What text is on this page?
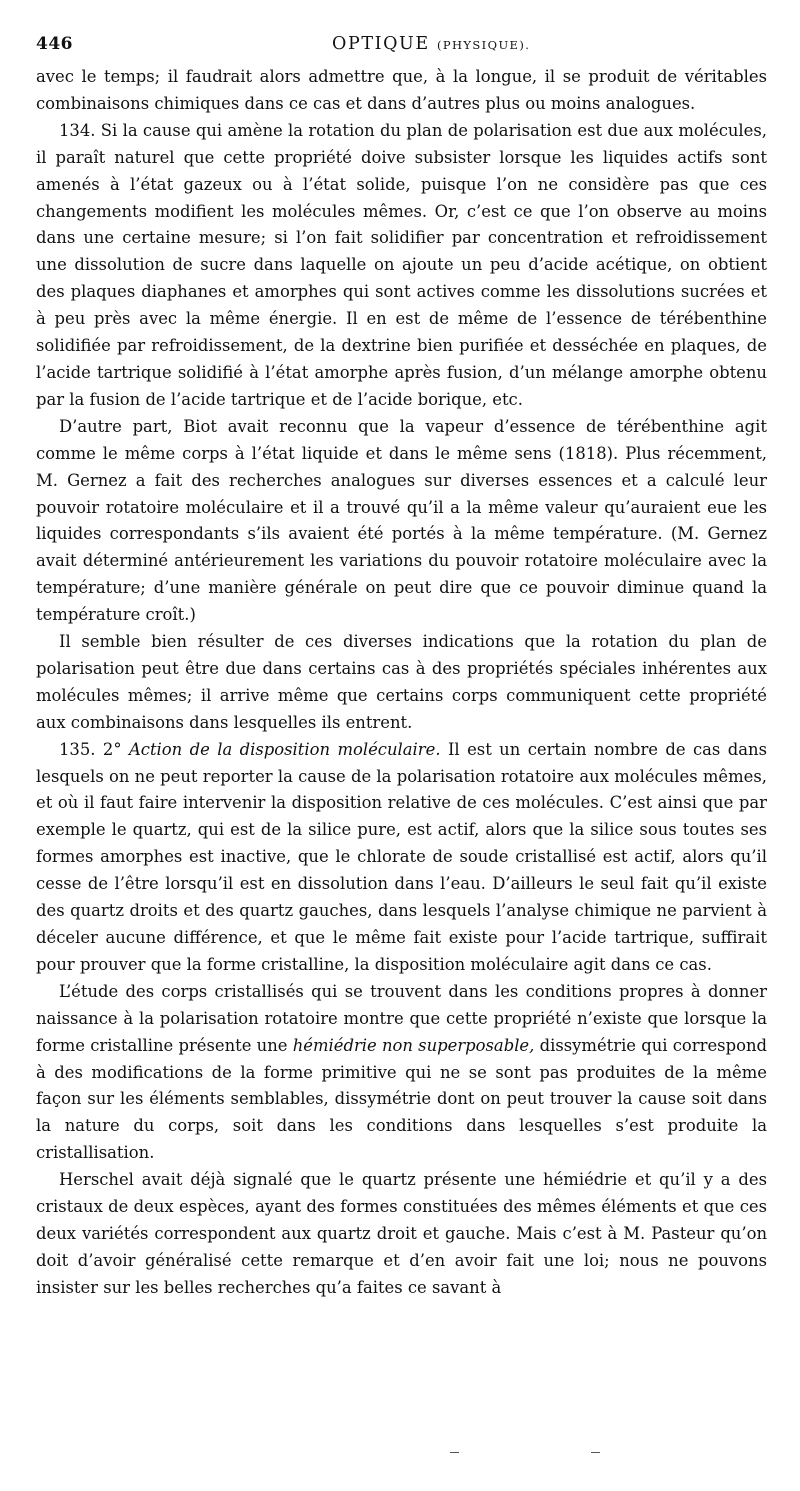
446	OPTIQUE (PHYSIQUE).

avec le temps; il faudrait alors admettre que, à la longue, il se produit de véritables combinaisons chimiques dans ce cas et dans d’autres plus ou moins analogues.

134. Si la cause qui amène la rotation du plan de polarisation est due aux molécules, il paraît naturel que cette propriété doive subsister lorsque les liquides actifs sont amenés à l’état gazeux ou à l’état solide, puisque l’on ne considère pas que ces changements modifient les molécules mêmes. Or, c’est ce que l’on observe au moins dans une certaine mesure; si l’on fait solidifier par concentration et refroidissement une dissolution de sucre dans laquelle on ajoute un peu d’acide acétique, on obtient des plaques diaphanes et amorphes qui sont actives comme les dissolutions sucrées et à peu près avec la même énergie. Il en est de même de l’essence de térébenthine solidifiée par refroidissement, de la dextrine bien purifiée et desséchée en plaques, de l’acide tartrique solidifié à l’état amorphe après fusion, d’un mélange amorphe obtenu par la fusion de l’acide tartrique et de l’acide borique, etc.

D’autre part, Biot avait reconnu que la vapeur d’essence de térébenthine agit comme le même corps à l’état liquide et dans le même sens (1818). Plus récemment, M. Gernez a fait des recherches analogues sur diverses essences et a calculé leur pouvoir rotatoire moléculaire et il a trouvé qu’il a la même valeur qu’auraient eue les liquides correspondants s’ils avaient été portés à la même température. (M. Gernez avait déterminé antérieurement les variations du pouvoir rotatoire moléculaire avec la température; d’une manière générale on peut dire que ce pouvoir diminue quand la température croît.)

Il semble bien résulter de ces diverses indications que la rotation du plan de polarisation peut être due dans certains cas à des propriétés spéciales inhérentes aux molécules mêmes; il arrive même que certains corps communiquent cette propriété aux combinaisons dans lesquelles ils entrent.

135. 2° Action de la disposition moléculaire. Il est un certain nombre de cas dans lesquels on ne peut reporter la cause de la polarisation rotatoire aux molécules mêmes, et où il faut faire intervenir la disposition relative de ces molécules. C’est ainsi que par exemple le quartz, qui est de la silice pure, est actif, alors que la silice sous toutes ses formes amorphes est inactive, que le chlorate de soude cristallisé est actif, alors qu’il cesse de l’être lorsqu’il est en dissolution dans l’eau. D’ailleurs le seul fait qu’il existe des quartz droits et des quartz gauches, dans lesquels l’analyse chimique ne parvient à déceler aucune différence, et que le même fait existe pour l’acide tartrique, suffirait pour prouver que la forme cristalline, la disposition moléculaire agit dans ce cas.

L’étude des corps cristallisés qui se trouvent dans les conditions propres à donner naissance à la polarisation rotatoire montre que cette propriété n’existe que lorsque la forme cristalline présente une hémiédrie non superposable, dissymétrie qui correspond à des modifications de la forme primitive qui ne se sont pas produites de la même façon sur les éléments semblables, dissymétrie dont on peut trouver la cause soit dans la nature du corps, soit dans les conditions dans lesquelles s’est produite la cristallisation.

Herschel avait déjà signalé que le quartz présente une hémiédrie et qu’il y a des cristaux de deux espèces, ayant des formes constituées des mêmes éléments et que ces deux variétés correspondent aux quartz droit et gauche. Mais c’est à M. Pasteur qu’on doit d’avoir généralisé cette remarque et d’en avoir fait une loi; nous ne pouvons insister sur les belles recherches qu’a faites ce savant à
